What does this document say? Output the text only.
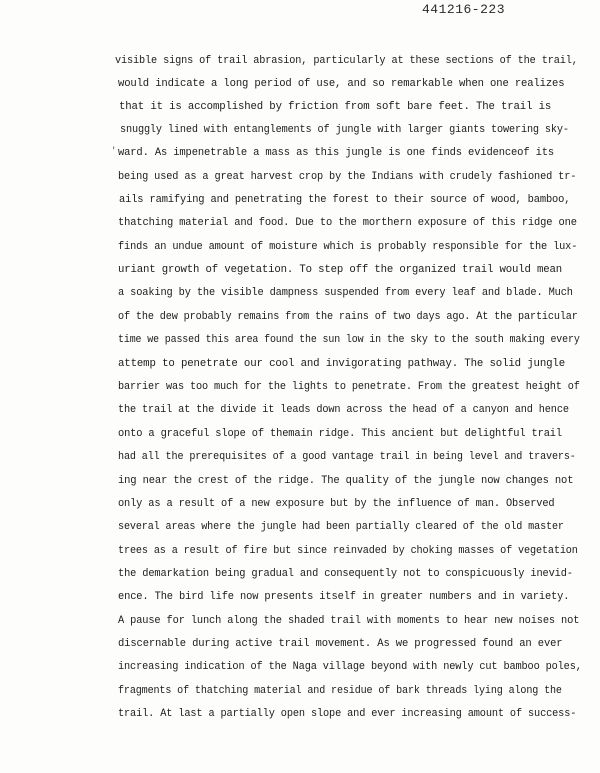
441216-223
'
visible signs of trail abrasion, particularly at these sections of the trail,
would indicate a long period of use, and so remarkable when one realizes
that it is accomplished by friction from soft bare feet. The trail is
snuggly lined with entanglements of jungle with larger giants towering sky-
ward. As impenetrable a mass as this jungle is one finds evidenceof its
being used as a great harvest crop by the Indians with crudely fashioned tr-
ails ramifying and penetrating the forest to their source of wood, bamboo,
thatching material and food. Due to the morthern exposure of this ridge one
finds an undue amount of moisture which is probably responsible for the lux-
uriant growth of vegetation. To step off the organized trail would mean
a soaking by the visible dampness suspended from every leaf and blade. Much
of the dew probably remains from the rains of two days ago. At the particular
time we passed this area found the sun low in the sky to the south making every
attemp to penetrate our cool and invigorating pathway. The solid jungle
barrier was too much for the lights to penetrate. From the greatest height of
the trail at the divide it leads down across the head of a canyon and hence
onto a graceful slope of themain ridge. This ancient but delightful trail
had all the prerequisites of a good vantage trail in being level and travers-
ing near the crest of the ridge. The quality of the jungle now changes not
only as a result of a new exposure but by the influence of man. Observed
several areas where the jungle had been partially cleared of the old master
trees as a result of fire but since reinvaded by choking masses of vegetation
the demarkation being gradual and consequently not to conspicuously inevid-
ence. The bird life now presents itself in greater numbers and in variety.
A pause for lunch along the shaded trail with moments to hear new noises not
discernable during active trail movement. As we progressed found an ever
increasing indication of the Naga village beyond with newly cut bamboo poles,
fragments of thatching material and residue of bark threads lying along the
trail. At last a partially open slope and ever increasing amount of success-
